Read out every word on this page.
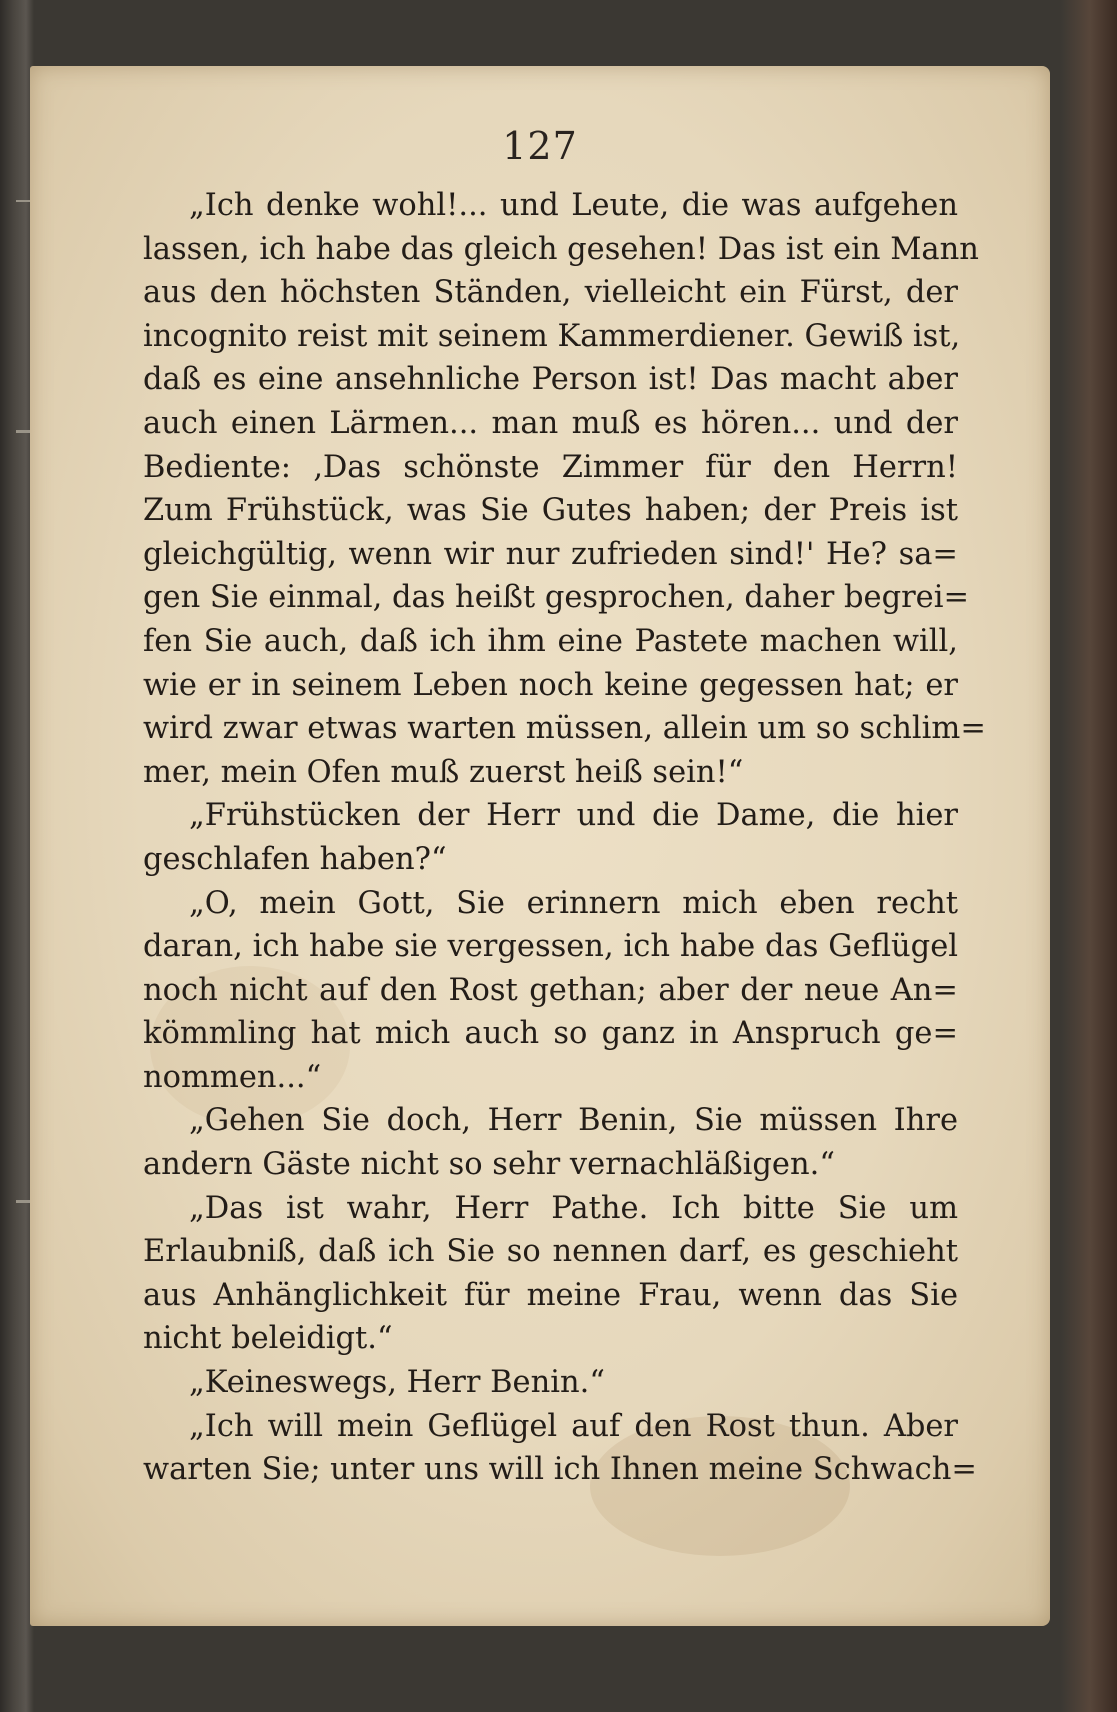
127
„Ich denke wohl!... und Leute, die was aufgehen
lassen, ich habe das gleich gesehen! Das ist ein Mann
aus den höchsten Ständen, vielleicht ein Fürst, der
incognito reist mit seinem Kammerdiener. Gewiß ist,
daß es eine ansehnliche Person ist! Das macht aber
auch einen Lärmen... man muß es hören... und der
Bediente: ‚Das schönste Zimmer für den Herrn!
Zum Frühstück, was Sie Gutes haben; der Preis ist
gleichgültig, wenn wir nur zufrieden sind!' He? sa=
gen Sie einmal, das heißt gesprochen, daher begrei=
fen Sie auch, daß ich ihm eine Pastete machen will,
wie er in seinem Leben noch keine gegessen hat; er
wird zwar etwas warten müssen, allein um so schlim=
mer, mein Ofen muß zuerst heiß sein!“
„Frühstücken der Herr und die Dame, die hier
geschlafen haben?“
„O, mein Gott, Sie erinnern mich eben recht
daran, ich habe sie vergessen, ich habe das Geflügel
noch nicht auf den Rost gethan; aber der neue An=
kömmling hat mich auch so ganz in Anspruch ge=
nommen...“
„Gehen Sie doch, Herr Benin, Sie müssen Ihre
andern Gäste nicht so sehr vernachläßigen.“
„Das ist wahr, Herr Pathe. Ich bitte Sie um
Erlaubniß, daß ich Sie so nennen darf, es geschieht
aus Anhänglichkeit für meine Frau, wenn das Sie
nicht beleidigt.“
„Keineswegs, Herr Benin.“
„Ich will mein Geflügel auf den Rost thun. Aber
warten Sie; unter uns will ich Ihnen meine Schwach=
